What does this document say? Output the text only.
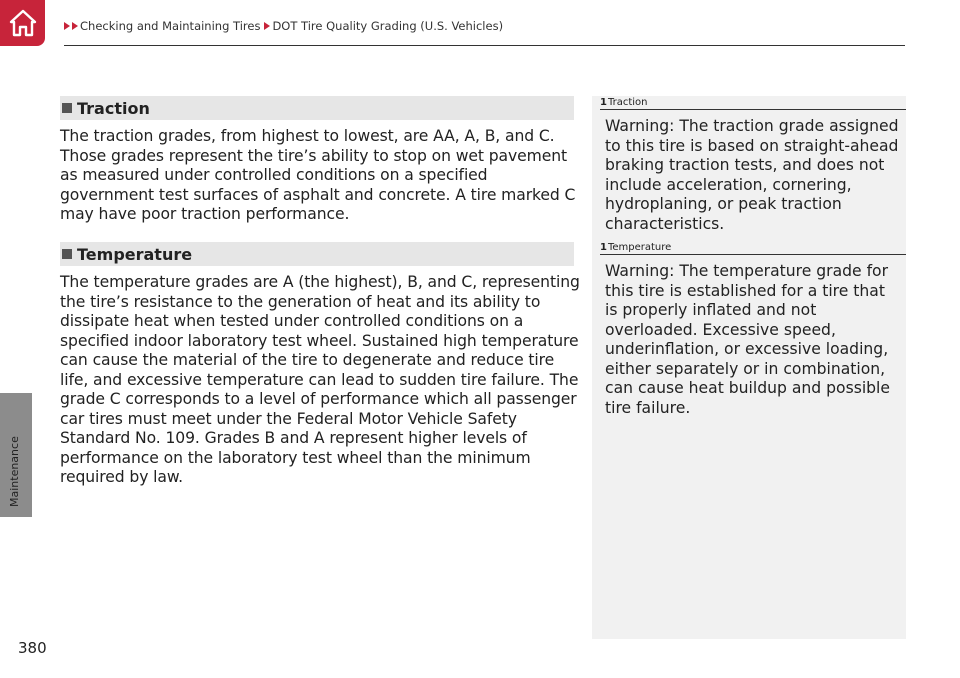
Checking and Maintaining Tires DOT Tire Quality Grading (U.S. Vehicles)
Maintenance
380
Traction
The traction grades, from highest to lowest, are AA, A, B, and C. Those grades represent the tire’s ability to stop on wet pavement as measured under controlled conditions on a specified government test surfaces of asphalt and concrete. A tire marked C may have poor traction performance.
Temperature
The temperature grades are A (the highest), B, and C, representing the tire’s resistance to the generation of heat and its ability to dissipate heat when tested under controlled conditions on a specified indoor laboratory test wheel. Sustained high temperature can cause the material of the tire to degenerate and reduce tire life, and excessive temperature can lead to sudden tire failure. The grade C corresponds to a level of performance which all passenger car tires must meet under the Federal Motor Vehicle Safety Standard No. 109. Grades B and A represent higher levels of performance on the laboratory test wheel than the minimum required by law.
1Traction
Warning: The traction grade assigned to this tire is based on straight-ahead braking traction tests, and does not include acceleration, cornering, hydroplaning, or peak traction characteristics.
1Temperature
Warning: The temperature grade for this tire is established for a tire that is properly inflated and not overloaded. Excessive speed, underinflation, or excessive loading, either separately or in combination, can cause heat buildup and possible tire failure.
